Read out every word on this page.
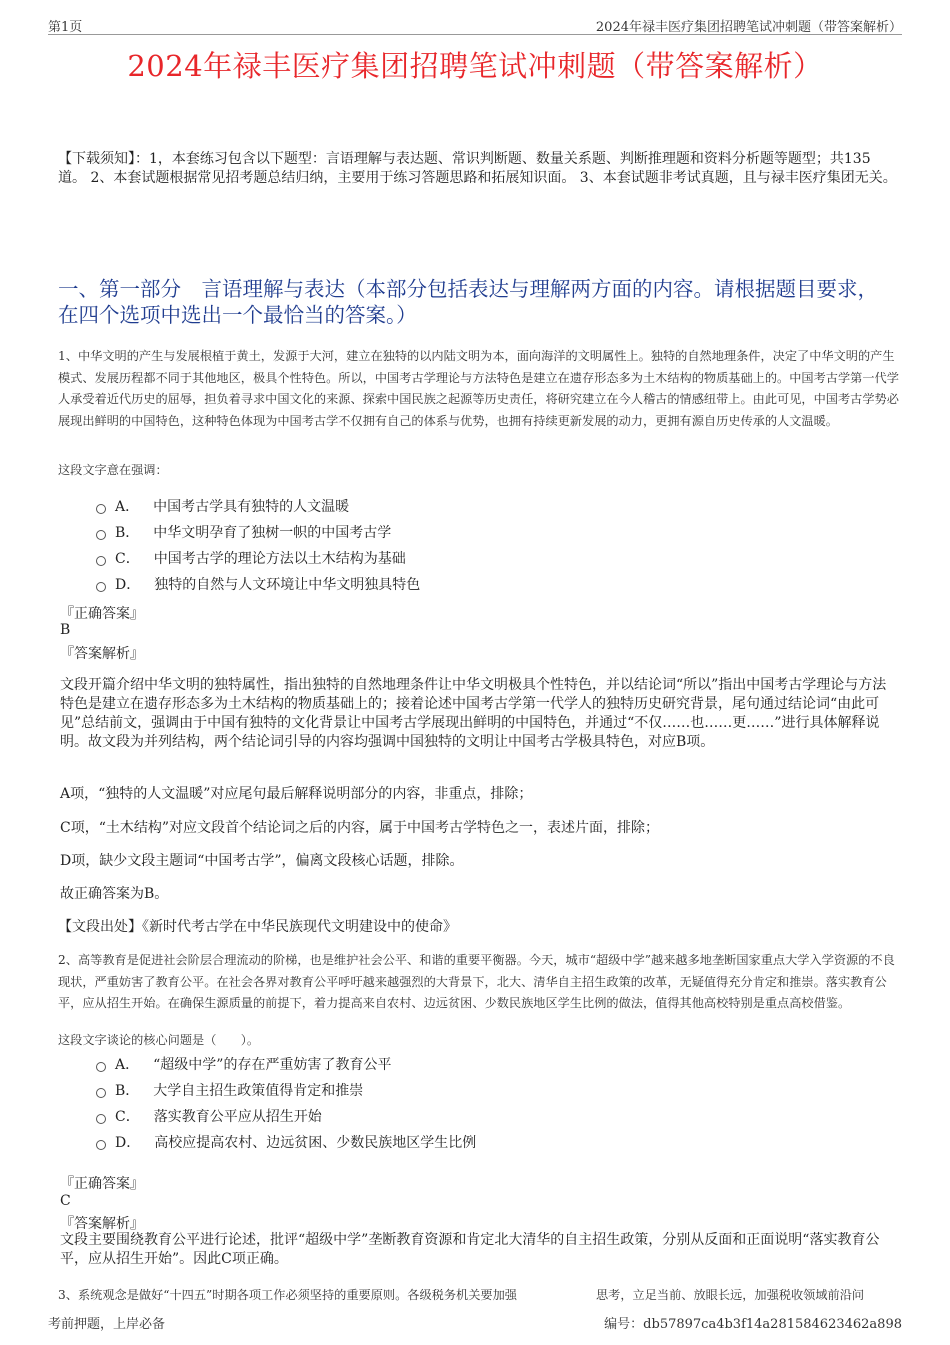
第1页	2024年禄丰医疗集团招聘笔试冲刺题（带答案解析）
2024年禄丰医疗集团招聘笔试冲刺题（带答案解析）
【下载须知】：1，本套练习包含以下题型：言语理解与表达题、常识判断题、数量关系题、判断推理题和资料分析题等题型；共135道。 2、本套试题根据常见招考题总结归纳，主要用于练习答题思路和拓展知识面。 3、本套试题非考试真题，且与禄丰医疗集团无关。
一、第一部分　言语理解与表达（本部分包括表达与理解两方面的内容。请根据题目要求，在四个选项中选出一个最恰当的答案。）
1、中华文明的产生与发展根植于黄土，发源于大河，建立在独特的以内陆文明为本，面向海洋的文明属性上。独特的自然地理条件，决定了中华文明的产生模式、发展历程都不同于其他地区，极具个性特色。所以，中国考古学理论与方法特色是建立在遗存形态多为土木结构的物质基础上的。中国考古学第一代学人承受着近代历史的屈辱，担负着寻求中国文化的来源、探索中国民族之起源等历史责任，将研究建立在今人稽古的情感纽带上。由此可见，中国考古学势必展现出鲜明的中国特色，这种特色体现为中国考古学不仅拥有自己的体系与优势，也拥有持续更新发展的动力，更拥有源自历史传承的人文温暖。
这段文字意在强调：
A． 中国考古学具有独特的人文温暖
B． 中华文明孕育了独树一帜的中国考古学
C． 中国考古学的理论方法以土木结构为基础
D． 独特的自然与人文环境让中华文明独具特色
『正确答案』
B
『答案解析』
文段开篇介绍中华文明的独特属性，指出独特的自然地理条件让中华文明极具个性特色，并以结论词“所以”指出中国考古学理论与方法特色是建立在遗存形态多为土木结构的物质基础上的；接着论述中国考古学第一代学人的独特历史研究背景，尾句通过结论词“由此可见”总结前文，强调由于中国有独特的文化背景让中国考古学展现出鲜明的中国特色，并通过“不仅……也……更……”进行具体解释说明。故文段为并列结构，两个结论词引导的内容均强调中国独特的文明让中国考古学极具特色，对应B项。
A项，“独特的人文温暖”对应尾句最后解释说明部分的内容，非重点，排除；
C项，“土木结构”对应文段首个结论词之后的内容，属于中国考古学特色之一，表述片面，排除；
D项，缺少文段主题词“中国考古学”，偏离文段核心话题，排除。
故正确答案为B。
【文段出处】《新时代考古学在中华民族现代文明建设中的使命》
2、高等教育是促进社会阶层合理流动的阶梯，也是维护社会公平、和谐的重要平衡器。今天，城市“超级中学”越来越多地垄断国家重点大学入学资源的不良现状，严重妨害了教育公平。在社会各界对教育公平呼吁越来越强烈的大背景下，北大、清华自主招生政策的改革，无疑值得充分肯定和推崇。落实教育公平，应从招生开始。在确保生源质量的前提下，着力提高来自农村、边远贫困、少数民族地区学生比例的做法，值得其他高校特别是重点高校借鉴。
这段文字谈论的核心问题是（　　）。
A． “超级中学”的存在严重妨害了教育公平
B． 大学自主招生政策值得肯定和推崇
C． 落实教育公平应从招生开始
D． 高校应提高农村、边远贫困、少数民族地区学生比例
『正确答案』
C
『答案解析』
文段主要围绕教育公平进行论述，批评“超级中学”垄断教育资源和肯定北大清华的自主招生政策，分别从反面和正面说明“落实教育公平，应从招生开始”。因此C项正确。
3、系统观念是做好“十四五”时期各项工作必须坚持的重要原则。各级税务机关要加强	思考，立足当前、放眼长远，加强税收领域前沿问
考前押题，上岸必备	编号：db57897ca4b3f14a281584623462a898
